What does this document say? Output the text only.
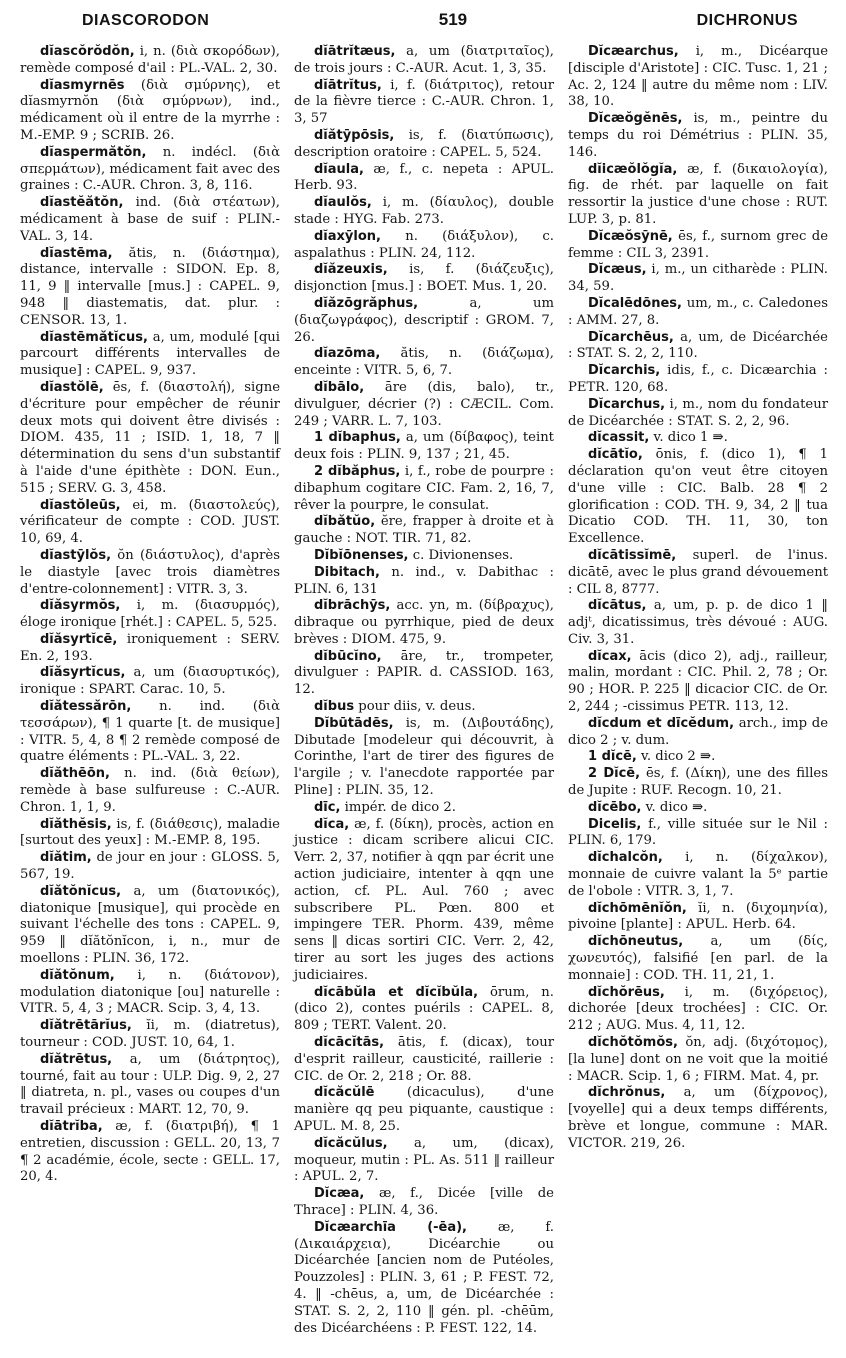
DIASCORODON	519	DICHRONUS

dĭascŏrŏdŏn, i, n. (διὰ σκορόδων), remède composé d'ail : PL.-VAL. 2, 30.

dĭasmyrnēs (διὰ σμύρνης), et dĭasmyrnŏn (διὰ σμύρνων), ind., médicament où il entre de la myrrhe : M.-EMP. 9 ; SCRIB. 26.

dĭaspermătŏn, n. indécl. (διὰ σπερμάτων), médicament fait avec des graines : C.-AUR. Chron. 3, 8, 116.

dĭastĕătŏn, ind. (διὰ στέατων), médicament à base de suif : PLIN.-VAL. 3, 14.

dĭastēma, ătis, n. (διάστημα), distance, intervalle : SIDON. Ep. 8, 11, 9 ‖ intervalle [mus.] : CAPEL. 9, 948 ‖ diastematis, dat. plur. : CENSOR. 13, 1.

dĭastēmătĭcus, a, um, modulé [qui parcourt différents intervalles de musique] : CAPEL. 9, 937.

dĭastŏlē, ēs, f. (διαστολή), signe d'écriture pour empêcher de réunir deux mots qui doivent être divisés : DIOM. 435, 11 ; ISID. 1, 18, 7 ‖ détermination du sens d'un substantif à l'aide d'une épithète : DON. Eun., 515 ; SERV. G. 3, 458.

dĭastŏleūs, ei, m. (διαστολεύς), vérificateur de compte : COD. JUST. 10, 69, 4.

dĭastȳlŏs, ŏn (διάστυλος), d'après le diastyle [avec trois diamètres d'entre-colonnement] : VITR. 3, 3.

dĭăsyrmŏs, i, m. (διασυρμός), éloge ironique [rhét.] : CAPEL. 5, 525.

dĭăsyrtĭcē, ironiquement : SERV. En. 2, 193.

dĭăsyrtĭcus, a, um (διασυρτικός), ironique : SPART. Carac. 10, 5.

dĭătessărōn, n. ind. (διὰ τεσσάρων), ¶ 1 quarte [t. de musique] : VITR. 5, 4, 8 ¶ 2 remède composé de quatre éléments : PL.-VAL. 3, 22.

dĭăthēōn, n. ind. (διὰ θείων), remède à base sulfureuse : C.-AUR. Chron. 1, 1, 9.

dĭăthĕsis, is, f. (διάθεσις), maladie [surtout des yeux] : M.-EMP. 8, 195.

dĭătim, de jour en jour : GLOSS. 5, 567, 19.

dĭătŏnĭcus, a, um (διατονικός), diatonique [musique], qui procède en suivant l'échelle des tons : CAPEL. 9, 959 ‖ dĭătŏnĭcon, i, n., mur de moellons : PLIN. 36, 172.

dĭătŏnum, i, n. (διάτονον), modulation diatonique [ou] naturelle : VITR. 5, 4, 3 ; MACR. Scip. 3, 4, 13.

dĭătrētārĭus, ĭi, m. (diatretus), tourneur : COD. JUST. 10, 64, 1.

dĭătrētus, a, um (διάτρητος), tourné, fait au tour : ULP. Dig. 9, 2, 27 ‖ diatreta, n. pl., vases ou coupes d'un travail précieux : MART. 12, 70, 9.

dĭātrĭba, æ, f. (διατριβή), ¶ 1 entretien, discussion : GELL. 20, 13, 7 ¶ 2 académie, école, secte : GELL. 17, 20, 4.

dĭātrĭtæus, a, um (διατριταῖος), de trois jours : C.-AUR. Acut. 1, 3, 35.

dĭātrĭtus, i, f. (διάτριτος), retour de la fièvre tierce : C.-AUR. Chron. 1, 3, 57

dĭătȳpōsis, is, f. (διατύπωσις), description oratoire : CAPEL. 5, 524.

dĭaula, æ, f., c. nepeta : APUL. Herb. 93.

dĭaulŏs, i, m. (δίαυλος), double stade : HYG. Fab. 273.

dĭaxȳlon, n. (διάξυλον), c. aspalathus : PLIN. 24, 112.

dĭăzeuxis, is, f. (διάζευξις), disjonction [mus.] : BOET. Mus. 1, 20.

dĭăzōgrăphus, a, um (διαζωγράφος), descriptif : GROM. 7, 26.

dĭazōma, ătis, n. (διάζωμα), enceinte : VITR. 5, 6, 7.

dĭbālo, āre (dis, balo), tr., divulguer, décrier (?) : CÆCIL. Com. 249 ; VARR. L. 7, 103.

1 dĭbaphus, a, um (δίβαφος), teint deux fois : PLIN. 9, 137 ; 21, 45.

2 dĭbăphus, i, f., robe de pourpre : dibaphum cogitare CIC. Fam. 2, 16, 7, rêver la pourpre, le consulat.

dĭbătŭo, ĕre, frapper à droite et à gauche : NOT. TIR. 71, 82.

Dĭbĭōnenses, c. Divionenses.

Dibitach, n. ind., v. Dabithac : PLIN. 6, 131

dĭbrāchȳs, acc. yn, m. (δίβραχυς), dibraque ou pyrrhique, pied de deux brèves : DIOM. 475, 9.

dĭbūcĭno, āre, tr., trompeter, divulguer : PAPIR. d. CASSIOD. 163, 12.

dĭbus pour diis, v. deus.

Dĭbūtādēs, is, m. (Διβουτάδης), Dibutade [modeleur qui découvrit, à Corinthe, l'art de tirer des figures de l'argile ; v. l'anecdote rapportée par Pline] : PLIN. 35, 12.

dīc, impér. de dico 2.

dĭca, æ, f. (δίκη), procès, action en justice : dicam scribere alicui CIC. Verr. 2, 37, notifier à qqn par écrit une action judiciaire, intenter à qqn une action, cf. PL. Aul. 760 ; avec subscribere PL. Pœn. 800 et impingere TER. Phorm. 439, même sens ‖ dicas sortiri CIC. Verr. 2, 42, tirer au sort les juges des actions judiciaires.

dĭcābŭla et dĭcĭbŭla, ōrum, n. (dico 2), contes puérils : CAPEL. 8, 809 ; TERT. Valent. 20.

dĭcācĭtās, ātis, f. (dicax), tour d'esprit railleur, causticité, raillerie : CIC. de Or. 2, 218 ; Or. 88.

dĭcăcŭlē (dicaculus), d'une manière qq peu piquante, caustique : APUL. M. 8, 25.

dĭcăcŭlus, a, um, (dicax), moqueur, mutin : PL. As. 511 ‖ railleur : APUL. 2, 7.

Dĭcæa, æ, f., Dicée [ville de Thrace] : PLIN. 4, 36.

Dĭcæarchīa (-ēa), æ, f. (Δικαιάρχεια), Dicéarchie ou Dicéarchée [ancien nom de Putéoles, Pouzzoles] : PLIN. 3, 61 ; P. FEST. 72, 4. ‖ -chēus, a, um, de Dicéarchée : STAT. S. 2, 2, 110 ‖ gén. pl. -chēūm, des Dicéarchéens : P. FEST. 122, 14.

Dĭcæarchus, i, m., Dicéarque [disciple d'Aristote] : CIC. Tusc. 1, 21 ; Ac. 2, 124 ‖ autre du même nom : LIV. 38, 10.

Dĭcæŏgĕnēs, is, m., peintre du temps du roi Démétrius : PLIN. 35, 146.

dĭicæŏlŏgĭa, æ, f. (δικαιολογία), fig. de rhét. par laquelle on fait ressortir la justice d'une chose : RUT. LUP. 3, p. 81.

Dĭcæŏsȳnē, ēs, f., surnom grec de femme : CIL 3, 2391.

Dĭcæus, i, m., un citharède : PLIN. 34, 59.

Dĭcalēdōnes, um, m., c. Caledones : AMM. 27, 8.

Dĭcarchēus, a, um, de Dicéarchée : STAT. S. 2, 2, 110.

Dĭcarchis, idis, f., c. Dicæarchia : PETR. 120, 68.

Dĭcarchus, i, m., nom du fondateur de Dicéarchée : STAT. S. 2, 2, 96.

dĭcassit, v. dico 1 ⇛.

dĭcātĭo, ōnis, f. (dico 1), ¶ 1 déclaration qu'on veut être citoyen d'une ville : CIC. Balb. 28 ¶ 2 glorification : COD. TH. 9, 34, 2 ‖ tua Dicatio COD. TH. 11, 30, ton Excellence.

dĭcātissĭmē, superl. de l'inus. dicātē, avec le plus grand dévouement : CIL 8, 8777.

dĭcātus, a, um, p. p. de dico 1 ‖ adjᵗ, dicatissimus, très dévoué : AUG. Civ. 3, 31.

dĭcax, ācis (dico 2), adj., railleur, malin, mordant : CIC. Phil. 2, 78 ; Or. 90 ; HOR. P. 225 ‖ dicacior CIC. de Or. 2, 244 ; -cissimus PETR. 113, 12.

dĭcdum et dīcĕdum, arch., imp de dico 2 ; v. dum.

1 dĭcē, v. dico 2 ⇛.

2 Dĭcē, ēs, f. (Δίκη), une des filles de Jupite : RUF. Recogn. 10, 21.

dĭcēbo, v. dico ⇛.

Dicelis, f., ville située sur le Nil : PLIN. 6, 179.

dĭchalcŏn, i, n. (δίχαλκον), monnaie de cuivre valant la 5ᵉ partie de l'obole : VITR. 3, 1, 7.

dĭchōmēnĭŏn, ĭi, n. (διχομηνία), pivoine [plante] : APUL. Herb. 64.

dĭchōneutus, a, um (δίς, χωνευτός), falsifié [en parl. de la monnaie] : COD. TH. 11, 21, 1.

dĭchŏrēus, i, m. (διχόρειος), dichorée [deux trochées] : CIC. Or. 212 ; AUG. Mus. 4, 11, 12.

dĭchŏtŏmŏs, ŏn, adj. (διχότομος), [la lune] dont on ne voit que la moitié : MACR. Scip. 1, 6 ; FIRM. Mat. 4, pr.

dĭchrŏnus, a, um (δίχρονος), [voyelle] qui a deux temps différents, brève et longue, commune : MAR. VICTOR. 219, 26.
